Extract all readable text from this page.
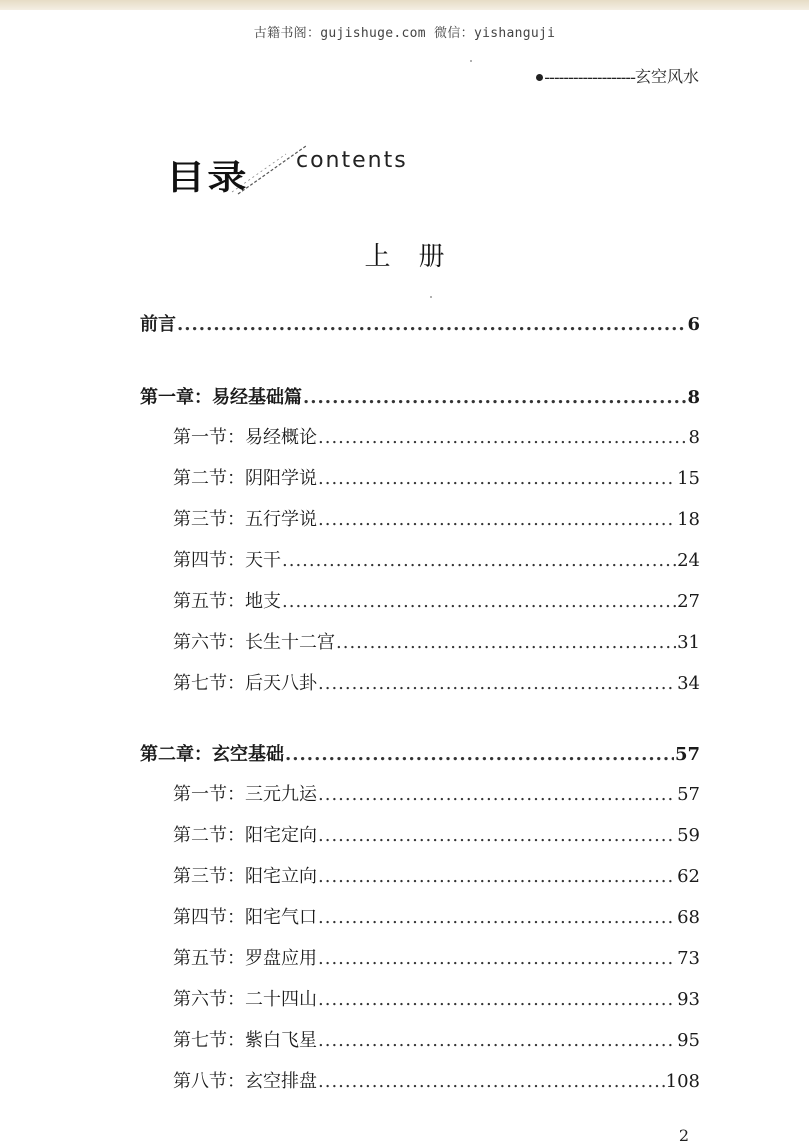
古籍书阁：gujishuge.com 微信：yishanguji
-------------------玄空风水
目录 contents
上册
前言 .....	6
第一章：易经基础篇 .....	8
第一节：易经概论 .....	8
第二节：阴阳学说 .....	15
第三节：五行学说 .....	18
第四节：天干 .....	24
第五节：地支 .....	27
第六节：长生十二宫 .....	31
第七节：后天八卦 .....	34
第二章：玄空基础 .....	57
第一节：三元九运 .....	57
第二节：阳宅定向 .....	59
第三节：阳宅立向 .....	62
第四节：阳宅气口 .....	68
第五节：罗盘应用 .....	73
第六节：二十四山 .....	93
第七节：紫白飞星 .....	95
第八节：玄空排盘 .....	108
2
